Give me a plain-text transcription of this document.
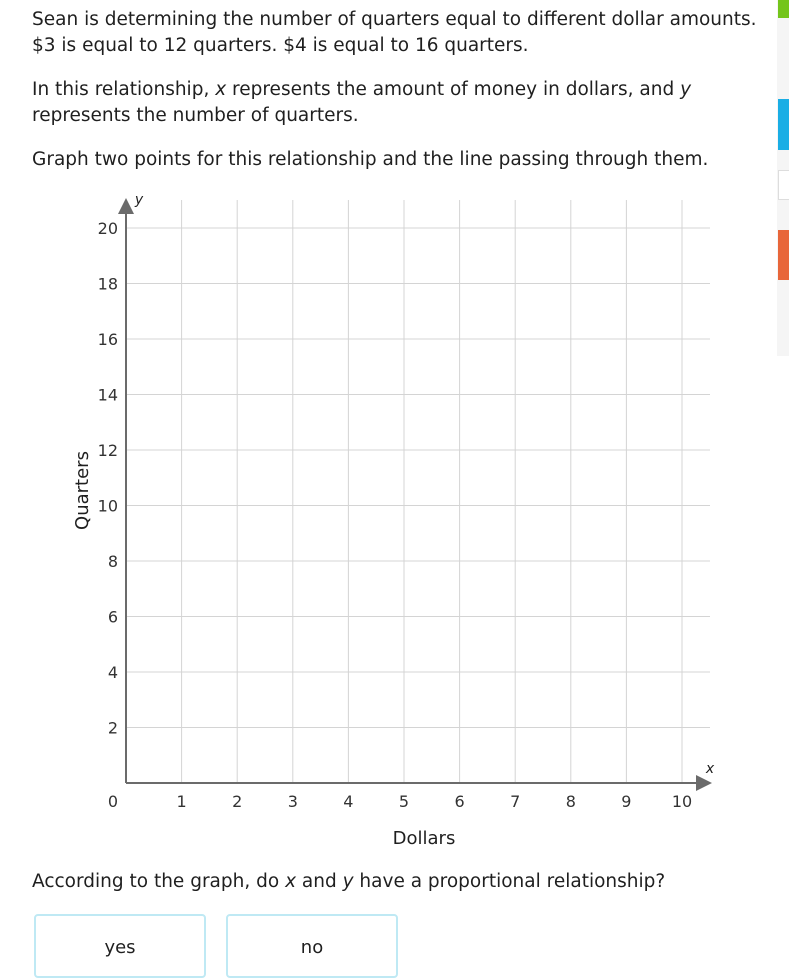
Sean is determining the number of quarters equal to different dollar amounts.

$3 is equal to 12 quarters. $4 is equal to 16 quarters.

In this relationship, x represents the amount of money in dollars, and y

represents the number of quarters.

Graph two points for this relationship and the line passing through them.

0	1	2	3	4	5	6	7	8	9	10
2
4
6
8
10
12
14
16
18
20
Dollars
Quarters
x
y

According to the graph, do x and y have a proportional relationship?

yes	no
